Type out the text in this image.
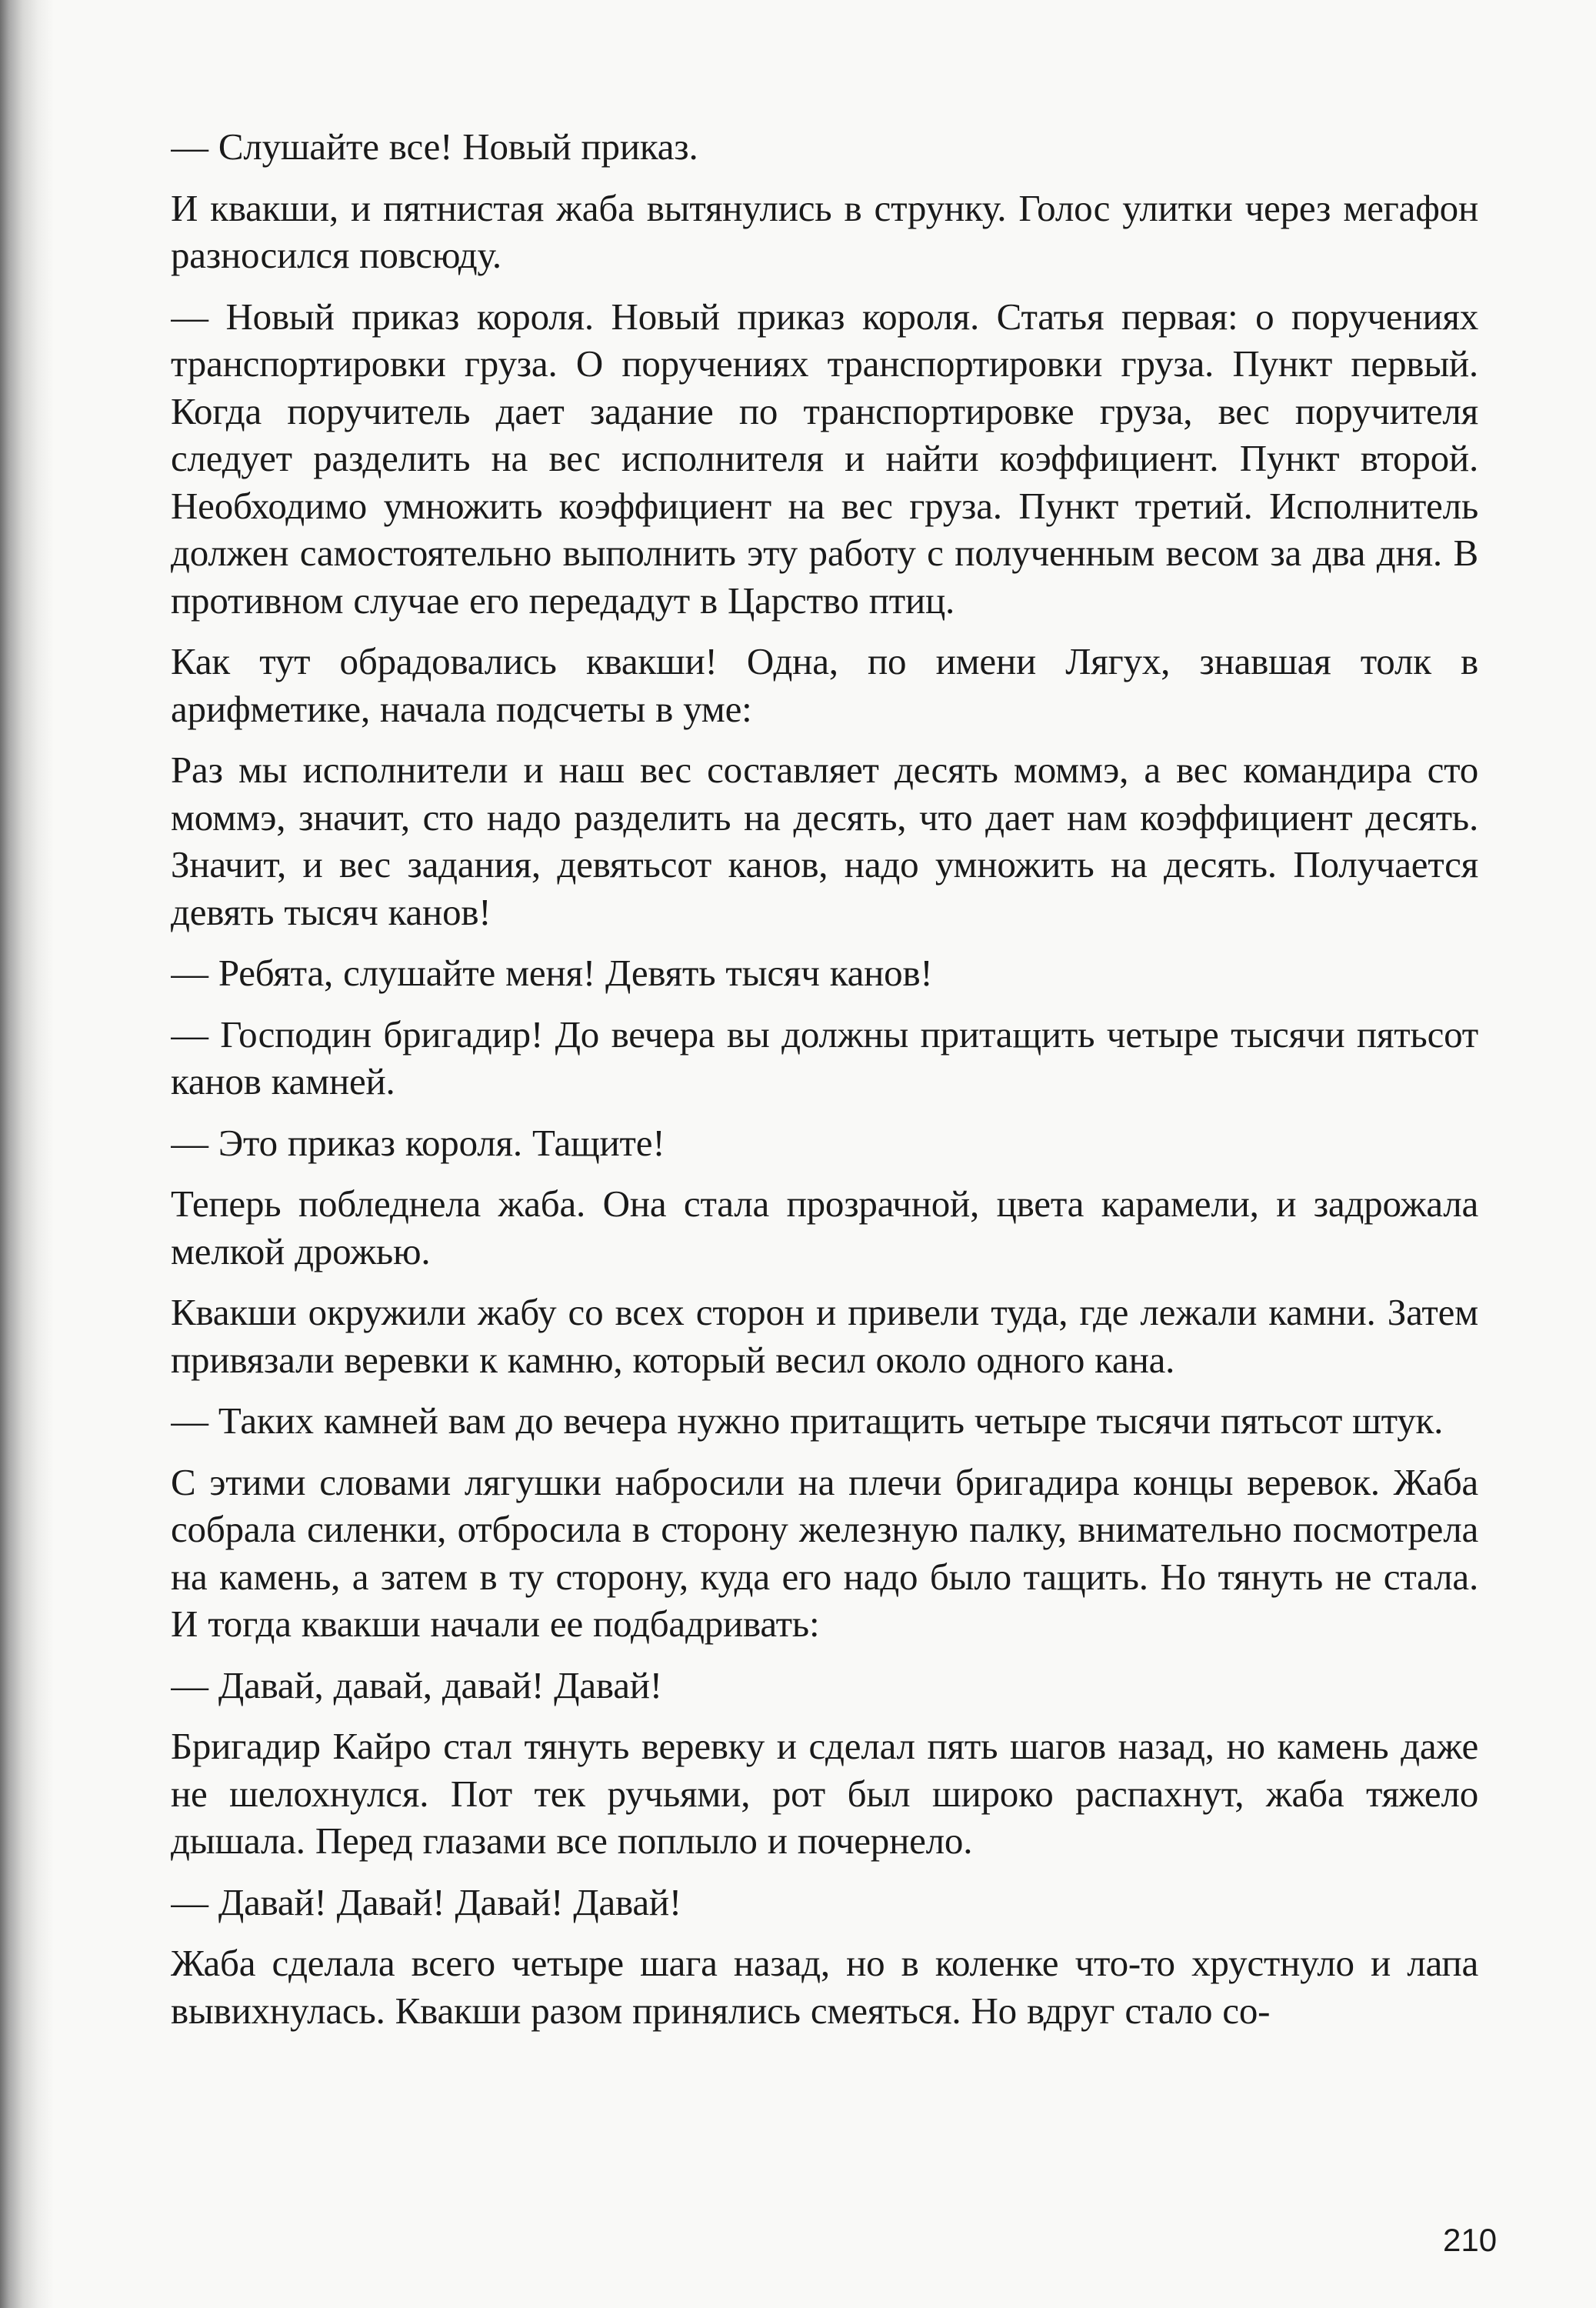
— Слушайте все! Новый приказ.

И квакши, и пятнистая жаба вытянулись в струнку. Голос улитки через мегафон разносился повсюду.

— Новый приказ короля. Новый приказ короля. Статья первая: о поручениях транспортировки груза. О поручениях транспортировки груза. Пункт первый. Когда поручитель дает задание по транспортировке груза, вес поручителя следует разделить на вес исполнителя и найти коэффициент. Пункт второй. Необходимо умножить коэффициент на вес груза. Пункт третий. Исполнитель должен самостоятельно выполнить эту работу с полученным весом за два дня. В противном случае его передадут в Царство птиц.

Как тут обрадовались квакши! Одна, по имени Лягух, знавшая толк в арифметике, начала подсчеты в уме:

Раз мы исполнители и наш вес составляет десять моммэ, а вес командира сто моммэ, значит, сто надо разделить на десять, что дает нам коэффициент десять. Значит, и вес задания, девятьсот канов, надо умножить на десять. Получается девять тысяч канов!

— Ребята, слушайте меня! Девять тысяч канов!

— Господин бригадир! До вечера вы должны притащить четыре тысячи пятьсот канов камней.

— Это приказ короля. Тащите!

Теперь побледнела жаба. Она стала прозрачной, цвета карамели, и задрожала мелкой дрожью.

Квакши окружили жабу со всех сторон и привели туда, где лежали камни. Затем привязали веревки к камню, который весил около одного кана.

— Таких камней вам до вечера нужно притащить четыре тысячи пятьсот штук.

С этими словами лягушки набросили на плечи бригадира концы веревок. Жаба собрала силенки, отбросила в сторону железную палку, внимательно посмотрела на камень, а затем в ту сторону, куда его надо было тащить. Но тянуть не стала. И тогда квакши начали ее подбадривать:

— Давай, давай, давай! Давай!

Бригадир Кайро стал тянуть веревку и сделал пять шагов назад, но камень даже не шелохнулся. Пот тек ручьями, рот был широко распахнут, жаба тяжело дышала. Перед глазами все поплыло и почернело.

— Давай! Давай! Давай! Давай!

Жаба сделала всего четыре шага назад, но в коленке что-то хрустнуло и лапа вывихнулась. Квакши разом принялись смеяться. Но вдруг стало со-

210
